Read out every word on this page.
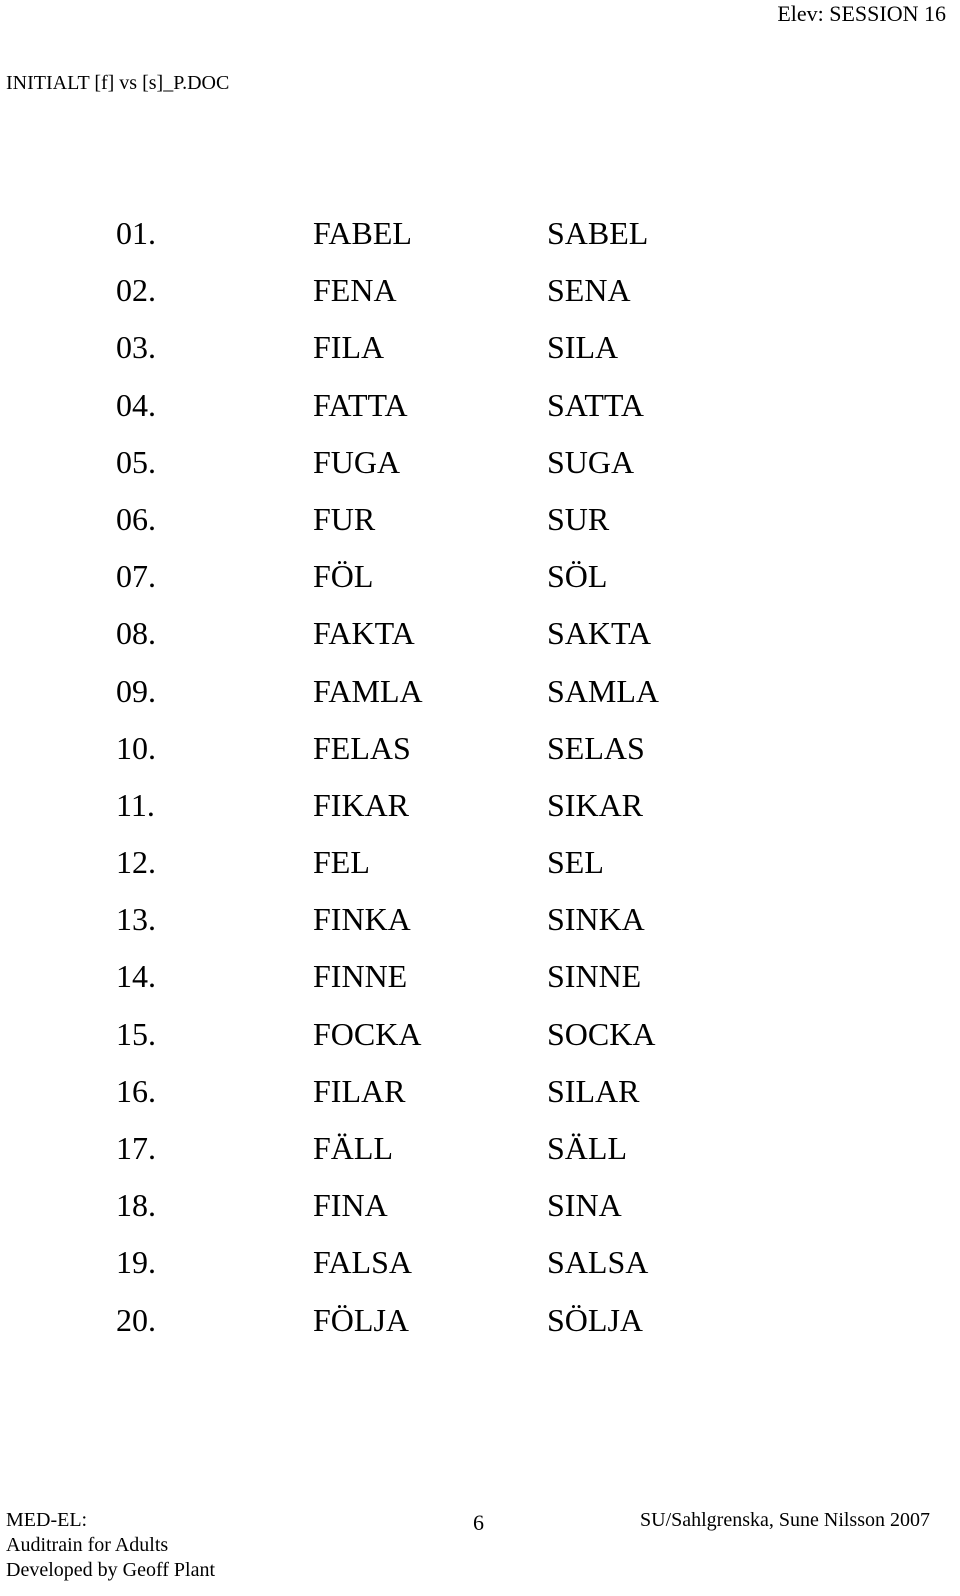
Elev: SESSION 16
INITIALT [f] vs [s]_P.DOC
01.	FABEL	SABEL
02.	FENA	SENA
03.	FILA	SILA
04.	FATTA	SATTA
05.	FUGA	SUGA
06.	FUR	SUR
07.	FÖL	SÖL
08.	FAKTA	SAKTA
09.	FAMLA	SAMLA
10.	FELAS	SELAS
11.	FIKAR	SIKAR
12.	FEL	SEL
13.	FINKA	SINKA
14.	FINNE	SINNE
15.	FOCKA	SOCKA
16.	FILAR	SILAR
17.	FÄLL	SÄLL
18.	FINA	SINA
19.	FALSA	SALSA
20.	FÖLJA	SÖLJA
MED-EL:
Auditrain for Adults
Developed by Geoff Plant
6	SU/Sahlgrenska, Sune Nilsson 2007
